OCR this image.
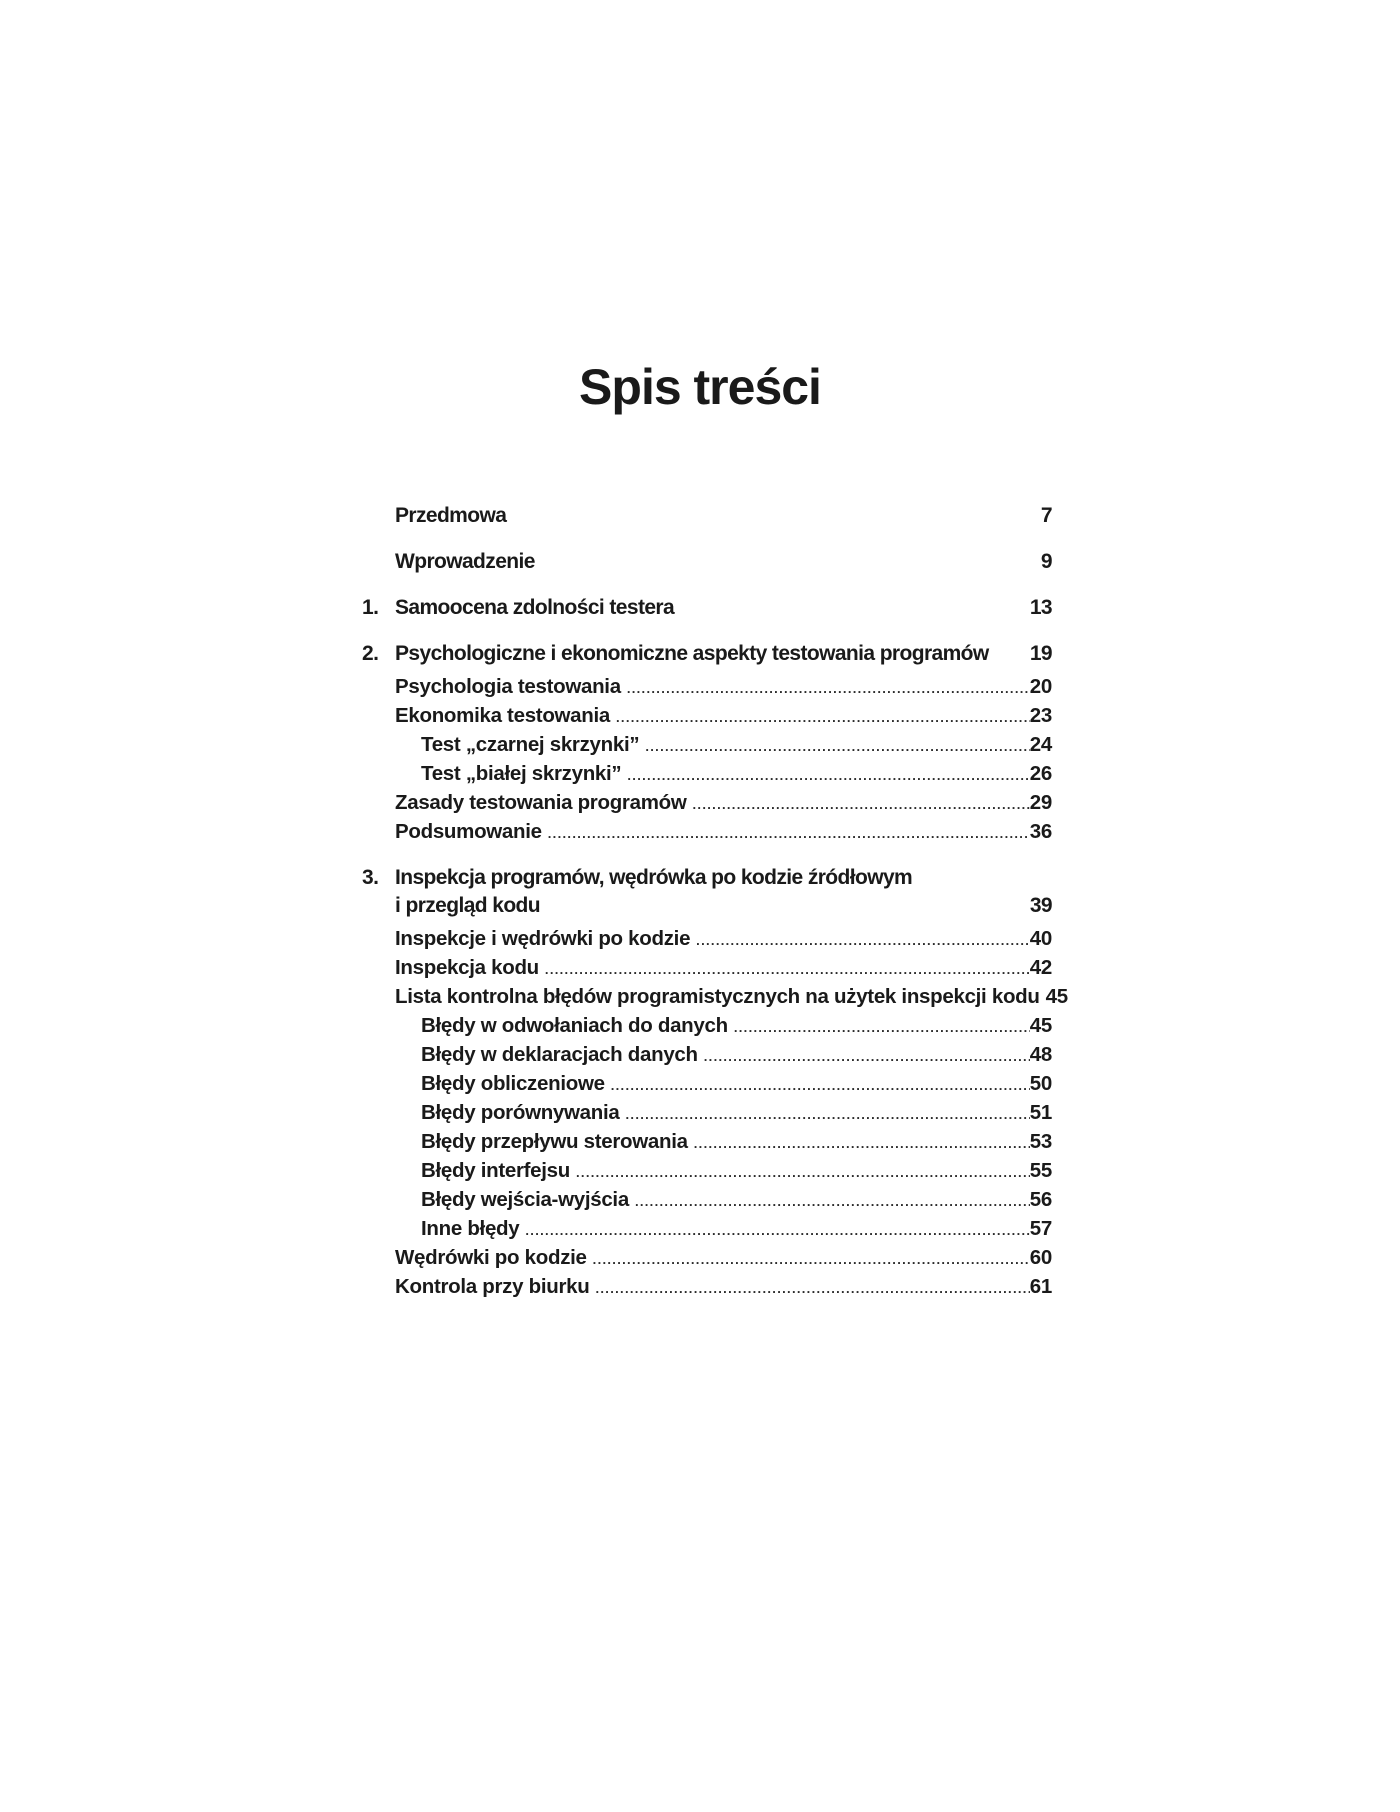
Spis treści
Przedmowa	7
Wprowadzenie	9
1. Samoocena zdolności testera	13
2. Psychologiczne i ekonomiczne aspekty testowania programów	19
Psychologia testowania .....	20
Ekonomika testowania .....	23
Test „czarnej skrzynki” .....	24
Test „białej skrzynki” .....	26
Zasady testowania programów .....	29
Podsumowanie .....	36
3. Inspekcja programów, wędrówka po kodzie źródłowym
i przegląd kodu	39
Inspekcje i wędrówki po kodzie .....	40
Inspekcja kodu .....	42
Lista kontrolna błędów programistycznych na użytek inspekcji kodu 45
Błędy w odwołaniach do danych .....	45
Błędy w deklaracjach danych .....	48
Błędy obliczeniowe .....	50
Błędy porównywania .....	51
Błędy przepływu sterowania .....	53
Błędy interfejsu .....	55
Błędy wejścia-wyjścia .....	56
Inne błędy .....	57
Wędrówki po kodzie .....	60
Kontrola przy biurku .....	61
